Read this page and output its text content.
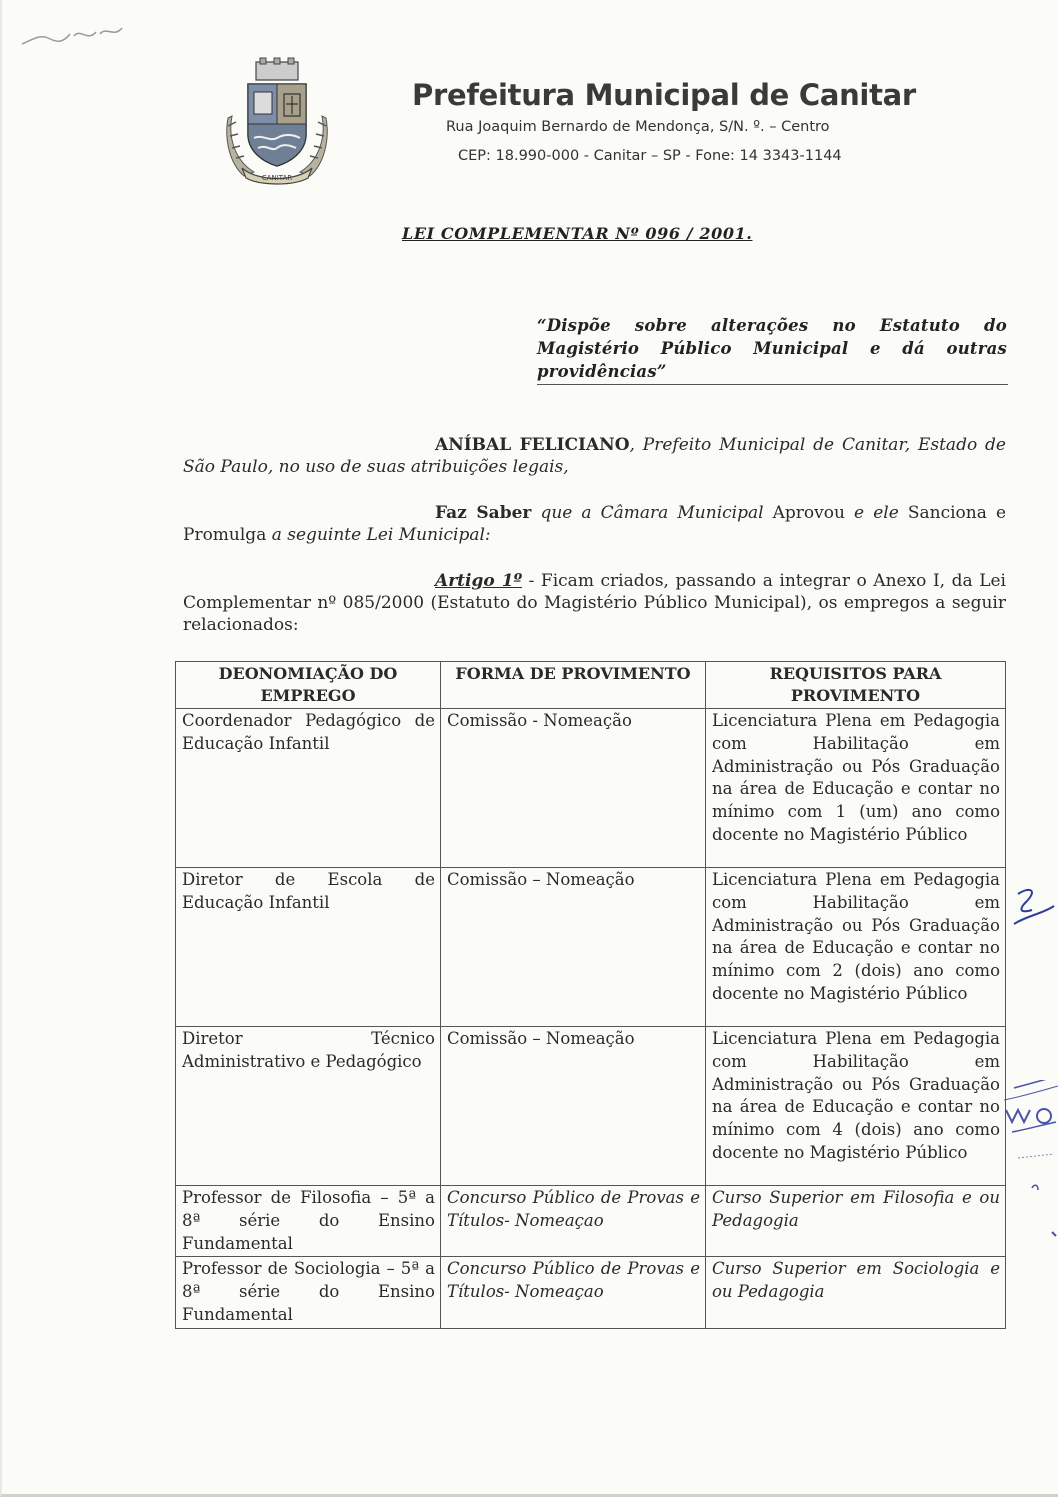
CANITAR
Prefeitura Municipal de Canitar
Rua Joaquim Bernardo de Mendonça, S/N. º. – Centro
CEP: 18.990-000 - Canitar – SP - Fone: 14 3343-1144
LEI COMPLEMENTAR Nº 096 / 2001.
“Dispõe sobre alterações no Estatuto do Magistério Público Municipal e dá outras providências”
ANÍBAL FELICIANO, Prefeito Municipal de Canitar, Estado de São Paulo, no uso de suas atribuições legais,
Faz Saber que a Câmara Municipal Aprovou e ele Sanciona e Promulga a seguinte Lei Municipal:
Artigo 1º - Ficam criados, passando a integrar o Anexo I, da Lei Complementar nº 085/2000 (Estatuto do Magistério Público Municipal), os empregos a seguir relacionados:
DEONOMIAÇÃO DO EMPREGO	FORMA DE PROVIMENTO	REQUISITOS PARA PROVIMENTO
Coordenador Pedagógico de Educação Infantil	Comissão - Nomeação	Licenciatura Plena em Pedagogia com Habilitação em Administração ou Pós Graduação na área de Educação e contar no mínimo com 1 (um) ano como docente no Magistério Público
Diretor de Escola de Educação Infantil	Comissão – Nomeação	Licenciatura Plena em Pedagogia com Habilitação em Administração ou Pós Graduação na área de Educação e contar no mínimo com 2 (dois) ano como docente no Magistério Público
Diretor Técnico Administrativo e Pedagógico	Comissão – Nomeação	Licenciatura Plena em Pedagogia com Habilitação em Administração ou Pós Graduação na área de Educação e contar no mínimo com 4 (dois) ano como docente no Magistério Público
Professor de Filosofia – 5ª a 8ª série do Ensino Fundamental	Concurso Público de Provas e Títulos- Nomeaçao	Curso Superior em Filosofia e ou Pedagogia
Professor de Sociologia – 5ª a 8ª série do Ensino Fundamental	Concurso Público de Provas e Títulos- Nomeaçao	Curso Superior em Sociologia e ou Pedagogia
